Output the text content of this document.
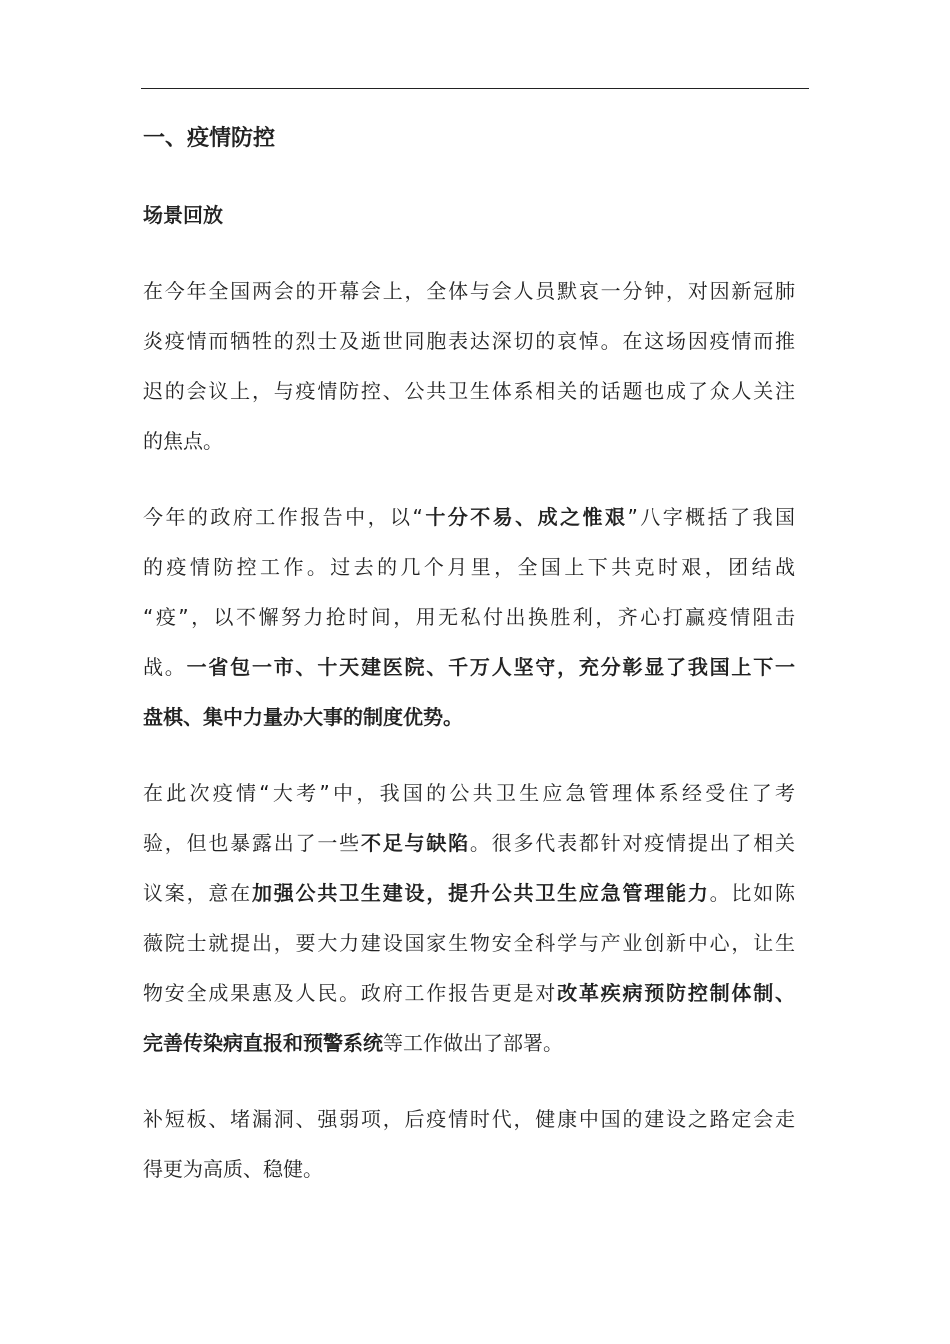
一、疫情防控
场景回放
在今年全国两会的开幕会上，全体与会人员默哀一分钟，对因新冠肺
炎疫情而牺牲的烈士及逝世同胞表达深切的哀悼。在这场因疫情而推
迟的会议上，与疫情防控、公共卫生体系相关的话题也成了众人关注
的焦点。
今年的政府工作报告中，以“十分不易、成之惟艰”八字概括了我国
的疫情防控工作。过去的几个月里，全国上下共克时艰，团结战
“疫”，以不懈努力抢时间，用无私付出换胜利，齐心打赢疫情阻击
战。一省包一市、十天建医院、千万人坚守，充分彰显了我国上下一
盘棋、集中力量办大事的制度优势。
在此次疫情“大考”中，我国的公共卫生应急管理体系经受住了考
验，但也暴露出了一些不足与缺陷。很多代表都针对疫情提出了相关
议案，意在加强公共卫生建设，提升公共卫生应急管理能力。比如陈
薇院士就提出，要大力建设国家生物安全科学与产业创新中心，让生
物安全成果惠及人民。政府工作报告更是对改革疾病预防控制体制、
完善传染病直报和预警系统等工作做出了部署。
补短板、堵漏洞、强弱项，后疫情时代，健康中国的建设之路定会走
得更为高质、稳健。
